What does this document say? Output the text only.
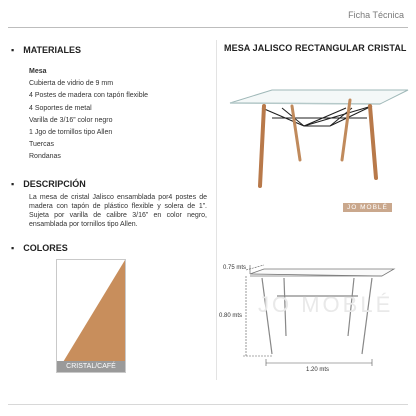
Ficha Técnica
MESA JALISCO RECTANGULAR CRISTAL
▪ MATERIALES
Mesa
Cubierta de vidrio de 9 mm
4 Postes de madera con tapón flexible
4 Soportes de metal
Varilla de 3/16” color negro
1 Jgo de tornillos tipo Allen
Tuercas
Rondanas
▪ DESCRIPCIÓN
La mesa de cristal Jalisco ensamblada por4 postes de madera con tapón de plástico flexible y solera de 1”. Sujeta por varilla de calibre 3/16” en color negro, ensamblada por tornillos tipo Allen.
▪ COLORES
CRISTAL/CAFÉ
JO MOBLÉ
JO MOBLÉ
0.75 mts
0.80 mts
1.20 mts
